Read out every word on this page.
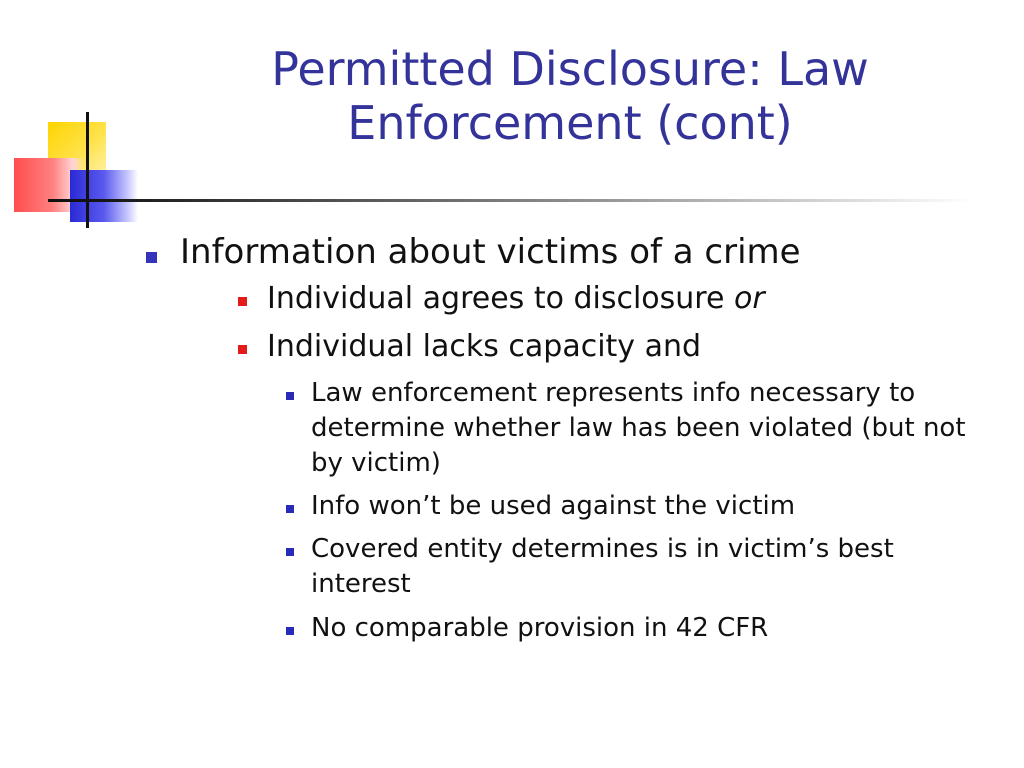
Permitted Disclosure: Law Enforcement (cont)
Information about victims of a crime
Individual agrees to disclosure or
Individual lacks capacity and
Law enforcement represents info necessary to determine whether law has been violated (but not by victim)
Info won’t be used against the victim
Covered entity determines is in victim’s best interest
No comparable provision in 42 CFR
